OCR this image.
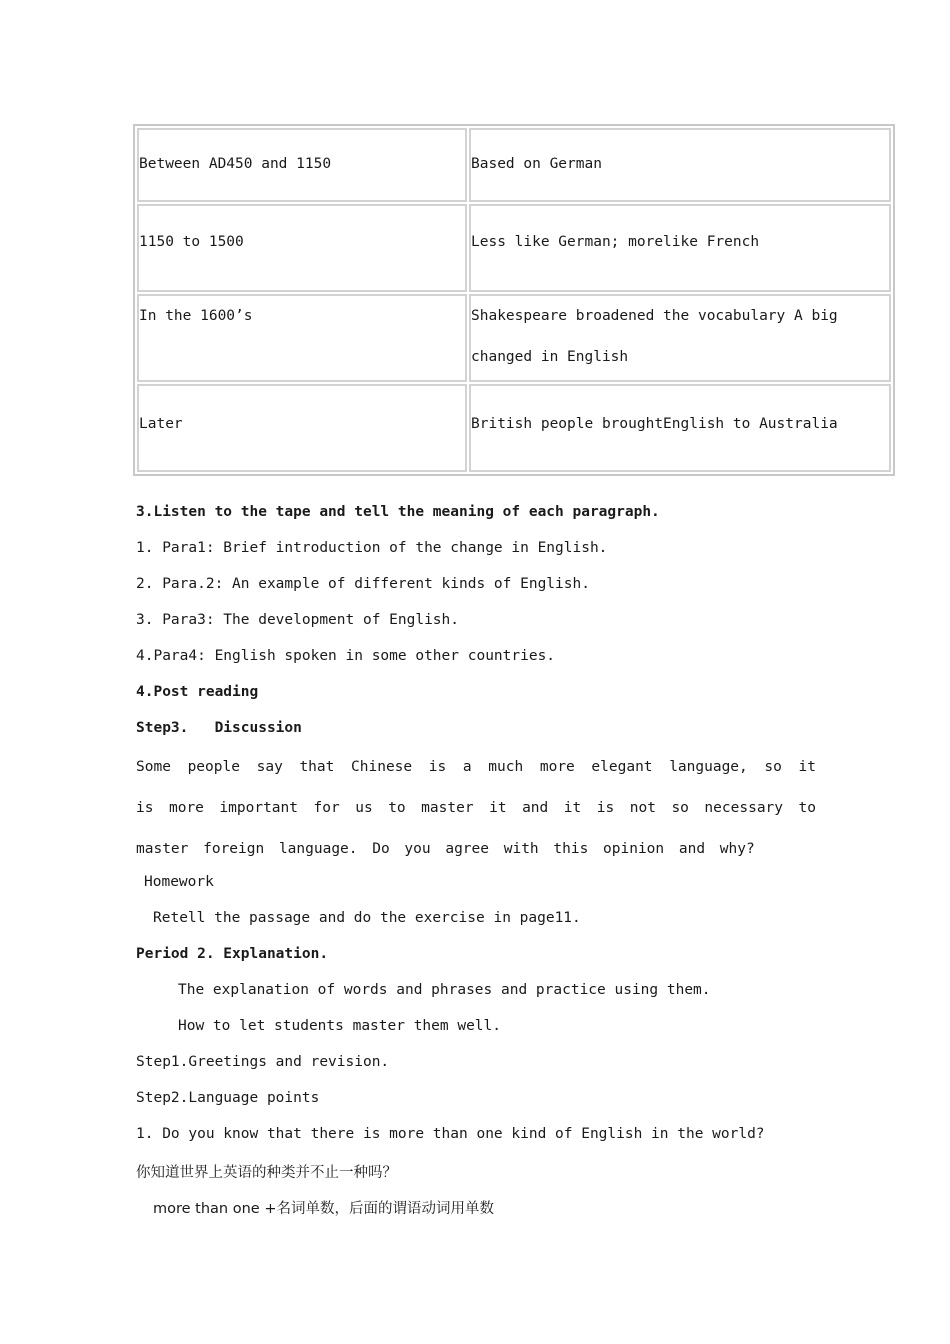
Between AD450 and 1150	Based on German

1150 to 1500	Less like German; morelike French

In the 1600’s	Shakespeare broadened the vocabulary A big changed in English

Later	British people broughtEnglish to Australia
3.Listen to the tape and tell the meaning of each paragraph.
1. Para1: Brief introduction of the change in English.
2. Para.2: An example of different kinds of English.
3. Para3: The development of English.
4.Para4: English spoken in some other countries.
4.Post reading
Step3.   Discussion
Some people say that Chinese is a much more elegant language, so it is more important for us to master it and it is not so necessary to master foreign language. Do you agree with this opinion and why?
Homework
Retell the passage and do the exercise in page11.
Period 2. Explanation.
The explanation of words and phrases and practice using them.
How to let students master them well.
Step1.Greetings and revision.
Step2.Language points
1. Do you know that there is more than one kind of English in the world?
你知道世界上英语的种类并不止一种吗？
more than one +名词单数，后面的谓语动词用单数
